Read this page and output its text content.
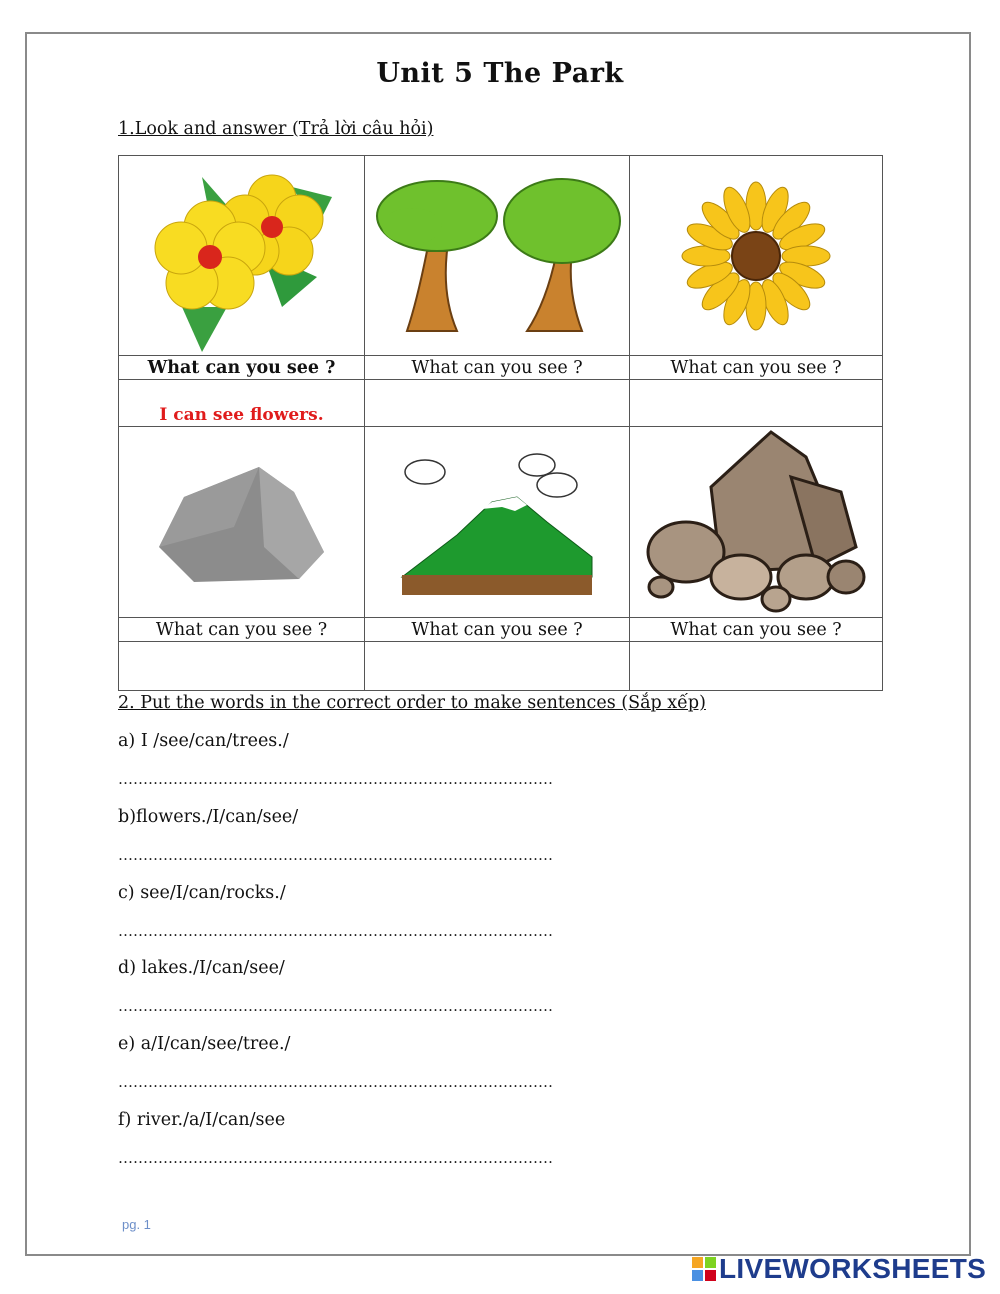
Unit 5 The Park
1.Look and answer (Trả lời câu hỏi)
What can you see ?	What can you see ?	What can you see ?
I can see flowers.
What can you see ?	What can you see ?	What can you see ?
2. Put the words in the correct order to make sentences (Sắp xếp)
a) I /see/can/trees./
……………………………………………………………………………
b)flowers./I/can/see/
……………………………………………………………………………
c) see/I/can/rocks./
……………………………………………………………………………
d) lakes./I/can/see/
……………………………………………………………………………
e) a/I/can/see/tree./
……………………………………………………………………………
f) river./a/I/can/see
……………………………………………………………………………
pg. 1
LIVEWORKSHEETS
